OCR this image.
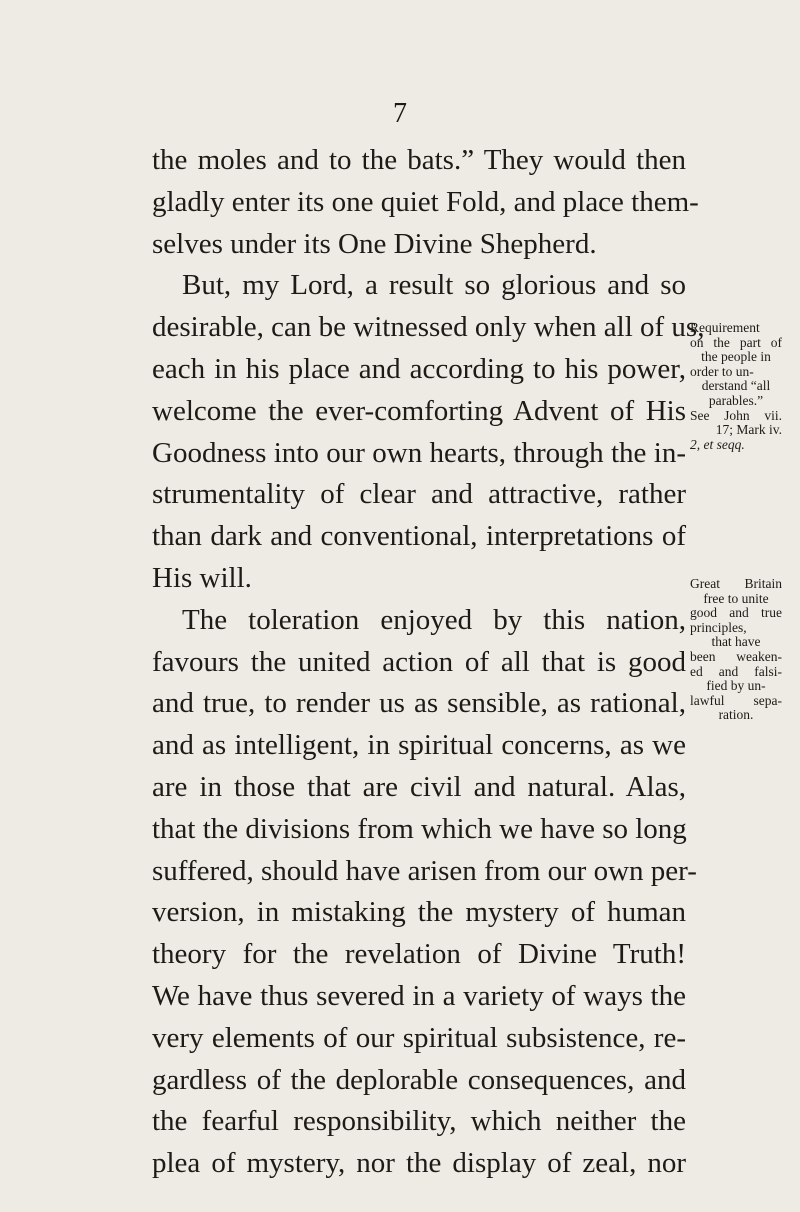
7
the moles and to the bats.” They would then
gladly enter its one quiet Fold, and place them-
selves under its One Divine Shepherd.
But, my Lord, a result so glorious and so
desirable, can be witnessed only when all of us,
each in his place and according to his power,
welcome the ever-comforting Advent of His
Goodness into our own hearts, through the in-
strumentality of clear and attractive, rather
than dark and conventional, interpretations of
His will.
The toleration enjoyed by this nation,
favours the united action of all that is good
and true, to render us as sensible, as rational,
and as intelligent, in spiritual concerns, as we
are in those that are civil and natural. Alas,
that the divisions from which we have so long
suffered, should have arisen from our own per-
version, in mistaking the mystery of human
theory for the revelation of Divine Truth!
We have thus severed in a variety of ways the
very elements of our spiritual subsistence, re-
gardless of the deplorable consequences, and
the fearful responsibility, which neither the
plea of mystery, nor the display of zeal, nor
Requirement
on the part of
the people in
order to un-
derstand “all
parables.”
See John vii.
17; Mark iv.
2, et seqq.
Great Britain
free to unite
good and true
principles,
that have
been weaken-
ed and falsi-
fied by un-
lawful sepa-
ration.
